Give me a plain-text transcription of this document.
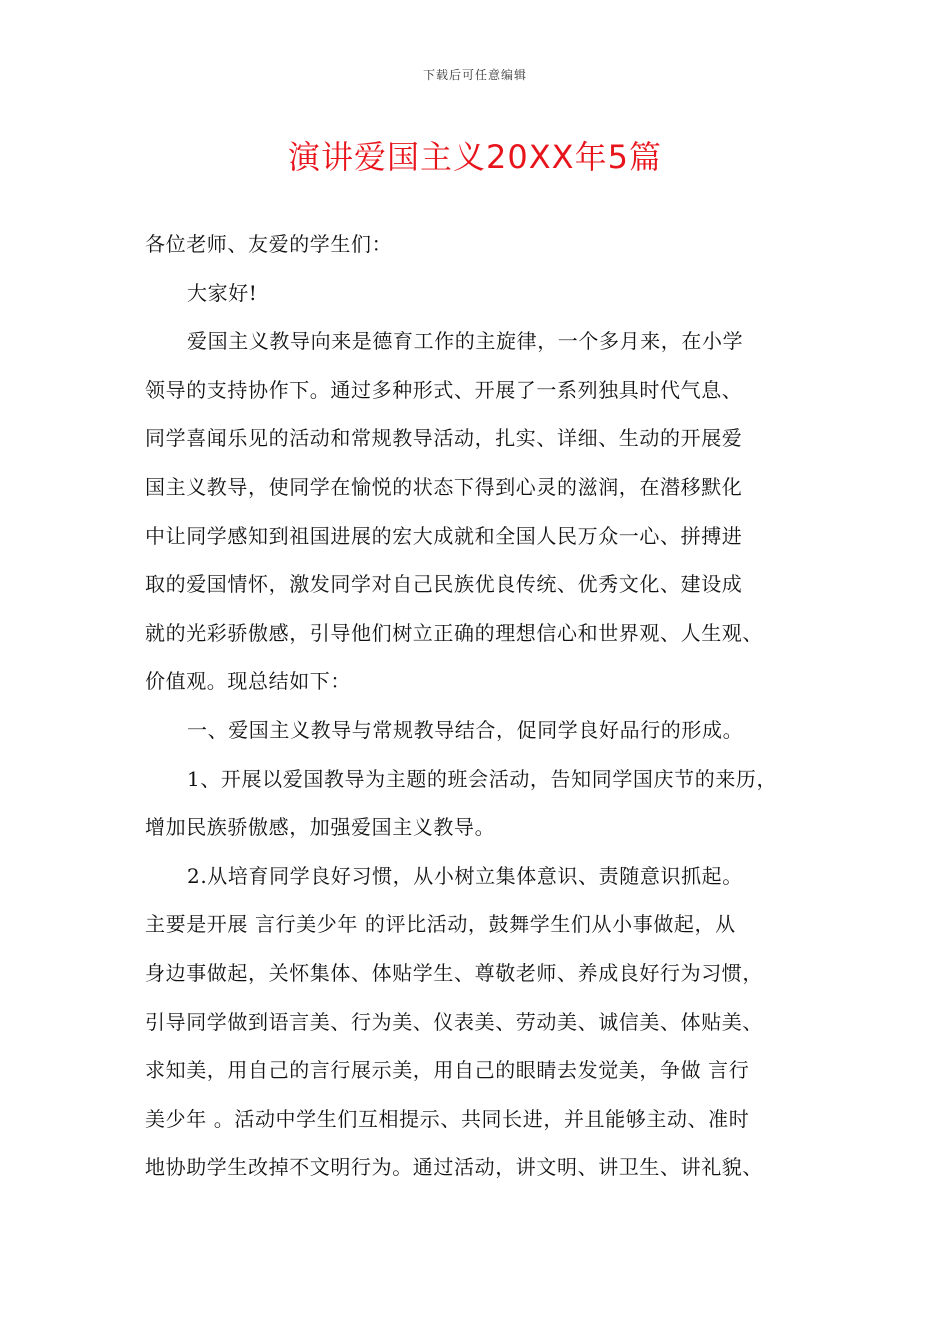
下载后可任意编辑
演讲爱国主义20XX年5篇
各位老师、友爱的学生们：
大家好!
爱国主义教导向来是德育工作的主旋律，一个多月来，在小学
领导的支持协作下。通过多种形式、开展了一系列独具时代气息、
同学喜闻乐见的活动和常规教导活动，扎实、详细、生动的开展爱
国主义教导，使同学在愉悦的状态下得到心灵的滋润，在潜移默化
中让同学感知到祖国进展的宏大成就和全国人民万众一心、拼搏进
取的爱国情怀，激发同学对自己民族优良传统、优秀文化、建设成
就的光彩骄傲感，引导他们树立正确的理想信心和世界观、人生观、
价值观。现总结如下：
一、爱国主义教导与常规教导结合，促同学良好品行的形成。
1、开展以爱国教导为主题的班会活动，告知同学国庆节的来历，
增加民族骄傲感，加强爱国主义教导。
2.从培育同学良好习惯，从小树立集体意识、责随意识抓起。
主要是开展 言行美少年 的评比活动，鼓舞学生们从小事做起，从
身边事做起，关怀集体、体贴学生、尊敬老师、养成良好行为习惯，
引导同学做到语言美、行为美、仪表美、劳动美、诚信美、体贴美、
求知美，用自己的言行展示美，用自己的眼睛去发觉美，争做 言行
美少年 。活动中学生们互相提示、共同长进，并且能够主动、准时
地协助学生改掉不文明行为。通过活动，讲文明、讲卫生、讲礼貌、
